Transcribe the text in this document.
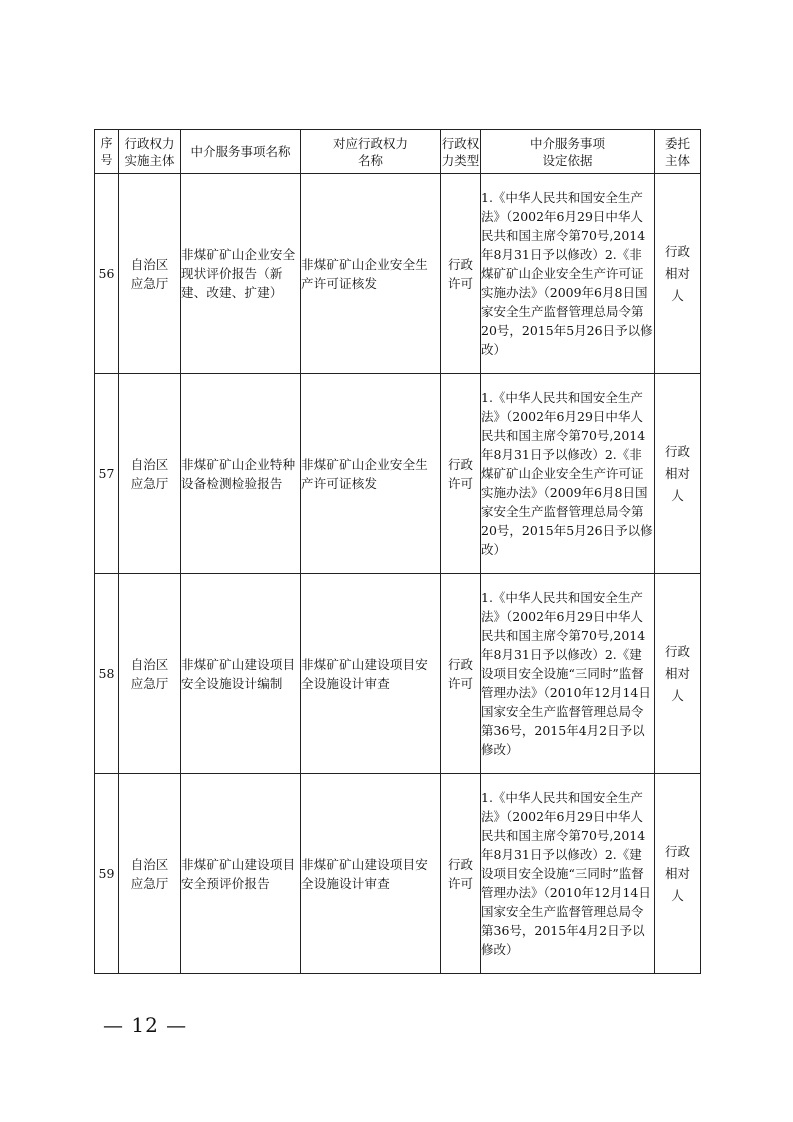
序号	行政权力实施主体	中介服务事项名称	对应行政权力名称	行政权力类型	中介服务事项设定依据	委托主体
56	自治区应急厅	非煤矿矿山企业安全现状评价报告（新建、改建、扩建）	非煤矿矿山企业安全生产许可证核发	行政许可	1.《中华人民共和国安全生产法》（2002年6月29日中华人民共和国主席令第70号,2014年8月31日予以修改）2.《非煤矿矿山企业安全生产许可证实施办法》（2009年6月8日国家安全生产监督管理总局令第20号，2015年5月26日予以修改）	行政相对人
57	自治区应急厅	非煤矿矿山企业特种设备检测检验报告	非煤矿矿山企业安全生产许可证核发	行政许可	1.《中华人民共和国安全生产法》（2002年6月29日中华人民共和国主席令第70号,2014年8月31日予以修改）2.《非煤矿矿山企业安全生产许可证实施办法》（2009年6月8日国家安全生产监督管理总局令第20号，2015年5月26日予以修改）	行政相对人
58	自治区应急厅	非煤矿矿山建设项目安全设施设计编制	非煤矿矿山建设项目安全设施设计审查	行政许可	1.《中华人民共和国安全生产法》（2002年6月29日中华人民共和国主席令第70号,2014年8月31日予以修改）2.《建设项目安全设施“三同时”监督管理办法》（2010年12月14日国家安全生产监督管理总局令第36号，2015年4月2日予以修改）	行政相对人
59	自治区应急厅	非煤矿矿山建设项目安全预评价报告	非煤矿矿山建设项目安全设施设计审查	行政许可	1.《中华人民共和国安全生产法》（2002年6月29日中华人民共和国主席令第70号,2014年8月31日予以修改）2.《建设项目安全设施“三同时”监督管理办法》（2010年12月14日国家安全生产监督管理总局令第36号，2015年4月2日予以修改）	行政相对人
— 12 —
